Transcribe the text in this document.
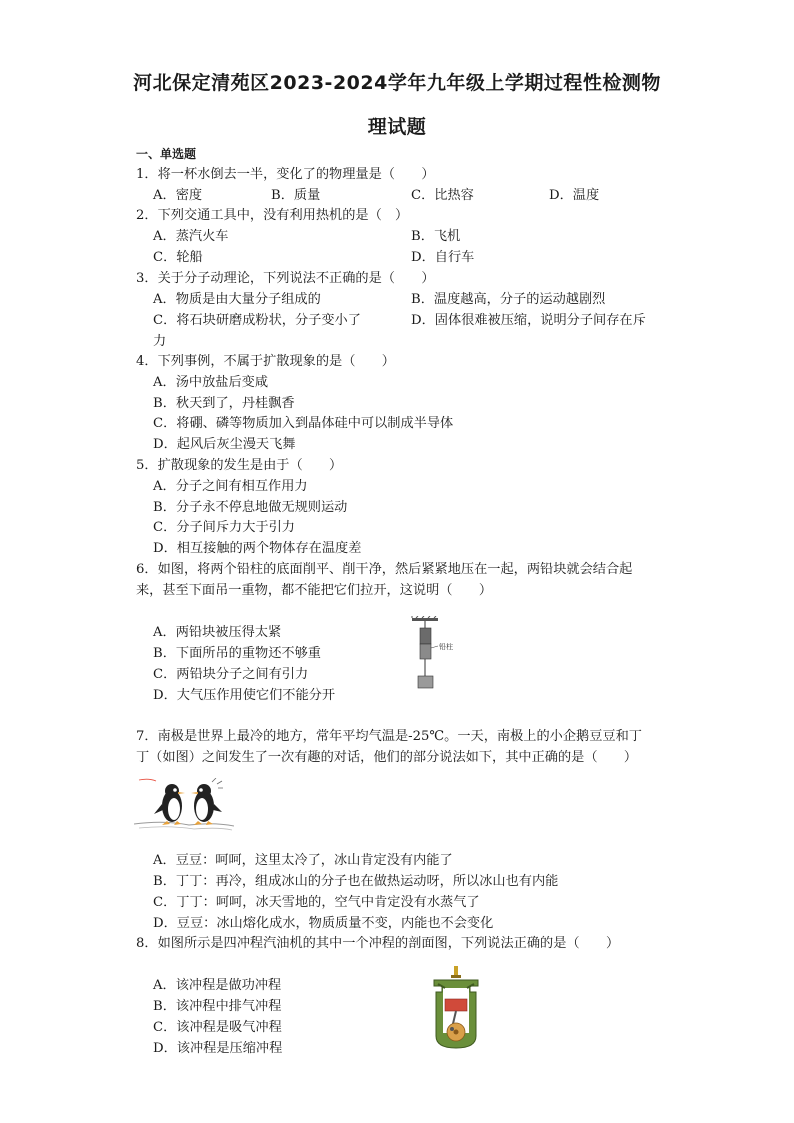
河北保定清苑区2023-2024学年九年级上学期过程性检测物
理试题
一、单选题
1．将一杯水倒去一半，变化了的物理量是（　　）
A．密度	B．质量	C．比热容	D．温度
2．下列交通工具中，没有利用热机的是（　）
A．蒸汽火车	B．飞机
C．轮船	D．自行车
3．关于分子动理论，下列说法不正确的是（　　）
A．物质是由大量分子组成的	B．温度越高，分子的运动越剧烈
C．将石块研磨成粉状，分子变小了	D．固体很难被压缩，说明分子间存在斥
力
4．下列事例，不属于扩散现象的是（　　）
A．汤中放盐后变咸
B．秋天到了，丹桂飘香
C．将硼、磷等物质加入到晶体硅中可以制成半导体
D．起风后灰尘漫天飞舞
5．扩散现象的发生是由于（　　）
A．分子之间有相互作用力
B．分子永不停息地做无规则运动
C．分子间斥力大于引力
D．相互接触的两个物体存在温度差
6．如图，将两个铅柱的底面削平、削干净，然后紧紧地压在一起，两铅块就会结合起
来，甚至下面吊一重物，都不能把它们拉开，这说明（　　）
A．两铅块被压得太紧
B．下面所吊的重物还不够重
C．两铅块分子之间有引力
D．大气压作用使它们不能分开
铅柱
7．南极是世界上最冷的地方，常年平均气温是-25℃。一天，南极上的小企鹅豆豆和丁
丁（如图）之间发生了一次有趣的对话，他们的部分说法如下，其中正确的是（　　）
A．豆豆：呵呵，这里太冷了，冰山肯定没有内能了
B．丁丁：再冷，组成冰山的分子也在做热运动呀，所以冰山也有内能
C．丁丁：呵呵，冰天雪地的，空气中肯定没有水蒸气了
D．豆豆：冰山熔化成水，物质质量不变，内能也不会变化
8．如图所示是四冲程汽油机的其中一个冲程的剖面图，下列说法正确的是（　　）
A．该冲程是做功冲程
B．该冲程中排气冲程
C．该冲程是吸气冲程
D．该冲程是压缩冲程
